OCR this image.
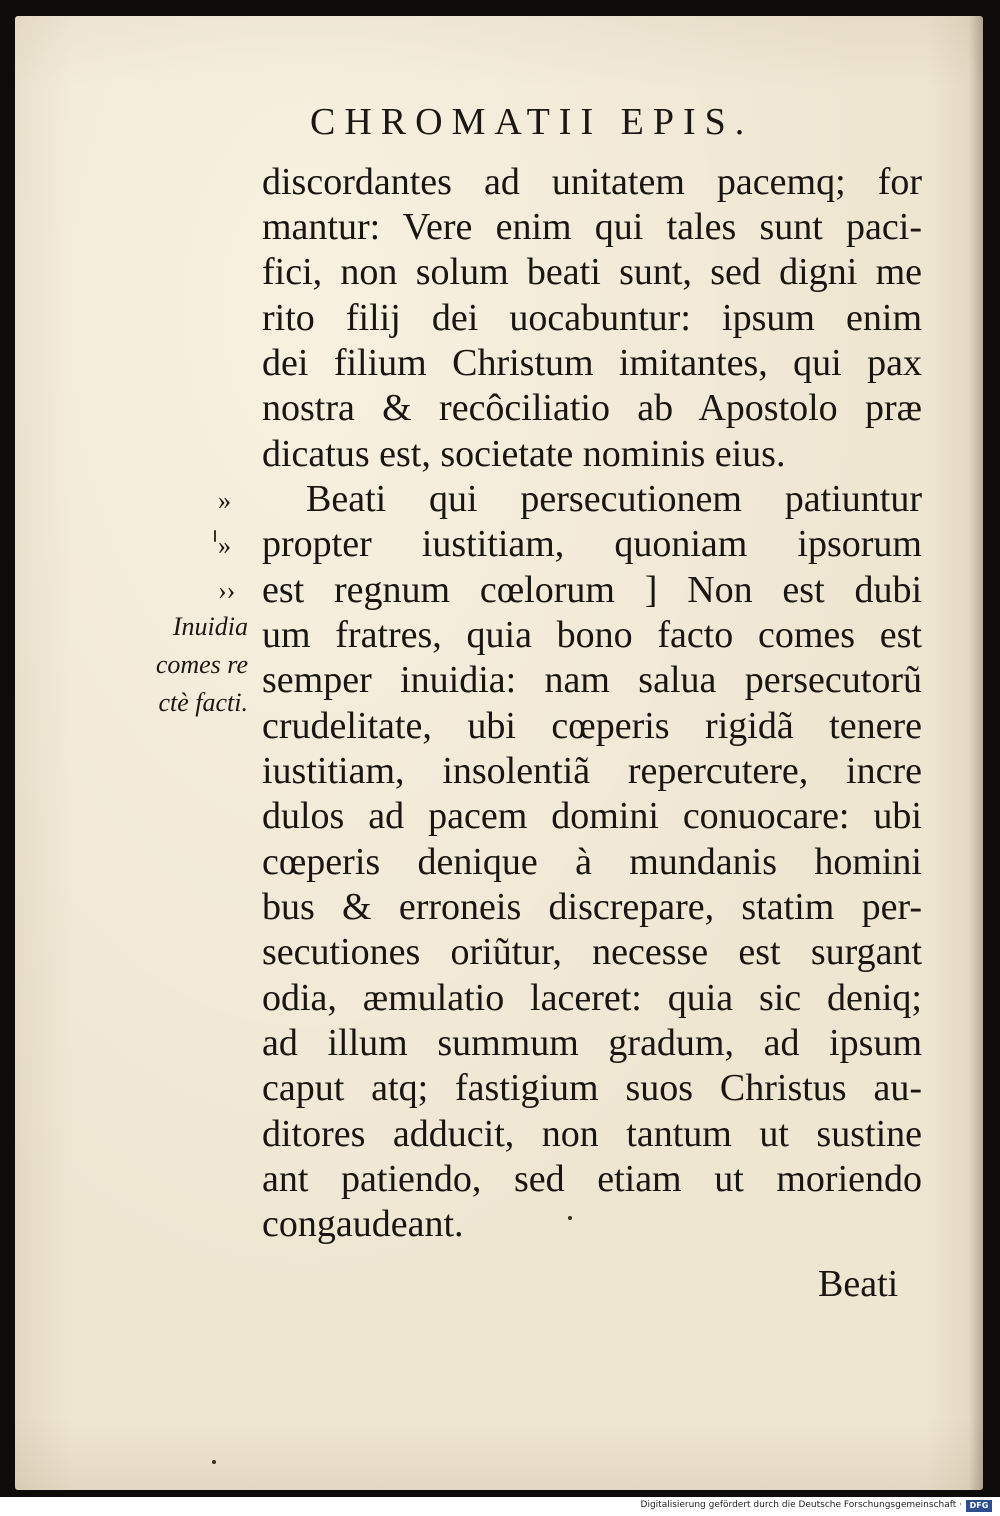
CHROMATII EPIS.
discordantes ad unitatem pacemq; for
mantur: Vere enim qui tales sunt paci-
fici, non solum beati sunt, sed digni me
rito filij dei uocabuntur: ipsum enim
dei filium Christum imitantes, qui pax
nostra & recôciliatio ab Apostolo præ
dicatus est, societate nominis eius.
Beati qui persecutionem patiuntur
propter iustitiam, quoniam ipsorum
est regnum cœlorum ] Non est dubi
um fratres, quia bono facto comes est
semper inuidia: nam salua persecutorũ
crudelitate, ubi cœperis rigidã tenere
iustitiam, insolentiã repercutere, incre
dulos ad pacem domini conuocare: ubi
cœperis denique à mundanis homini
bus & erroneis discrepare, statim per-
secutiones oriũtur, necesse est surgant
odia, æmulatio laceret: quia sic deniq;
ad illum summum gradum, ad ipsum
caput atq; fastigium suos Christus au-
ditores adducit, non tantum ut sustine
ant patiendo, sed etiam ut moriendo
congaudeant.
»
»
››
Inuidia
comes re
ctè facti.
Beati
Digitalisierung gefördert durch die Deutsche Forschungsgemeinschaft · DFG
